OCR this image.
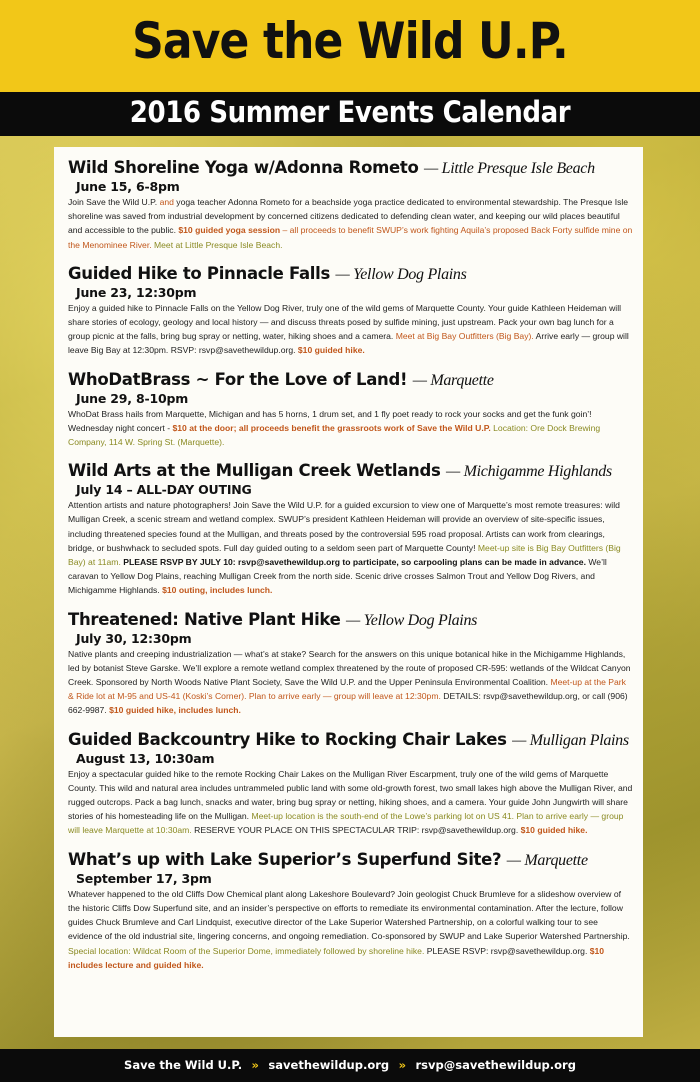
Save the Wild U.P.
2016 Summer Events Calendar
Wild Shoreline Yoga w/Adonna Rometo — Little Presque Isle Beach
June 15, 6-8pm
Join Save the Wild U.P. and yoga teacher Adonna Rometo for a beachside yoga practice dedicated to environmental stewardship. The Presque Isle shoreline was saved from industrial development by concerned citizens dedicated to defending clean water, and keeping our wild places beautiful and accessible to the public. $10 guided yoga session – all proceeds to benefit SWUP’s work fighting Aquila’s proposed Back Forty sulfide mine on the Menominee River. Meet at Little Presque Isle Beach.
Guided Hike to Pinnacle Falls — Yellow Dog Plains
June 23, 12:30pm
Enjoy a guided hike to Pinnacle Falls on the Yellow Dog River, truly one of the wild gems of Marquette County. Your guide Kathleen Heideman will share stories of ecology, geology and local history — and discuss threats posed by sulfide mining, just upstream. Pack your own bag lunch for a group picnic at the falls, bring bug spray or netting, water, hiking shoes and a camera. Meet at Big Bay Outfitters (Big Bay). Arrive early — group will leave Big Bay at 12:30pm. RSVP: rsvp@savethewildup.org. $10 guided hike.
WhoDatBrass ~ For the Love of Land! — Marquette
June 29, 8-10pm
WhoDat Brass hails from Marquette, Michigan and has 5 horns, 1 drum set, and 1 fly poet ready to rock your socks and get the funk goin’! Wednesday night concert - $10 at the door; all proceeds benefit the grassroots work of Save the Wild U.P. Location: Ore Dock Brewing Company, 114 W. Spring St. (Marquette).
Wild Arts at the Mulligan Creek Wetlands — Michigamme Highlands
July 14 – ALL-DAY OUTING
Attention artists and nature photographers! Join Save the Wild U.P. for a guided excursion to view one of Marquette’s most remote treasures: wild Mulligan Creek, a scenic stream and wetland complex. SWUP’s president Kathleen Heideman will provide an overview of site-specific issues, including threatened species found at the Mulligan, and threats posed by the controversial 595 road proposal. Artists can work from clearings, bridge, or bushwhack to secluded spots. Full day guided outing to a seldom seen part of Marquette County! Meet-up site is Big Bay Outfitters (Big Bay) at 11am. PLEASE RSVP BY JULY 10: rsvp@savethewildup.org to participate, so carpooling plans can be made in advance. We’ll caravan to Yellow Dog Plains, reaching Mulligan Creek from the north side. Scenic drive crosses Salmon Trout and Yellow Dog Rivers, and Michigamme Highlands. $10 outing, includes lunch.
Threatened: Native Plant Hike — Yellow Dog Plains
July 30, 12:30pm
Native plants and creeping industrialization — what’s at stake? Search for the answers on this unique botanical hike in the Michigamme Highlands, led by botanist Steve Garske. We’ll explore a remote wetland complex threatened by the route of proposed CR-595: wetlands of the Wildcat Canyon Creek. Sponsored by North Woods Native Plant Society, Save the Wild U.P. and the Upper Peninsula Environmental Coalition. Meet-up at the Park & Ride lot at M-95 and US-41 (Koski’s Corner). Plan to arrive early — group will leave at 12:30pm. DETAILS: rsvp@savethewildup.org, or call (906) 662-9987. $10 guided hike, includes lunch.
Guided Backcountry Hike to Rocking Chair Lakes — Mulligan Plains
August 13, 10:30am
Enjoy a spectacular guided hike to the remote Rocking Chair Lakes on the Mulligan River Escarpment, truly one of the wild gems of Marquette County. This wild and natural area includes untrammeled public land with some old-growth forest, two small lakes high above the Mulligan River, and rugged outcrops. Pack a bag lunch, snacks and water, bring bug spray or netting, hiking shoes, and a camera. Your guide John Jungwirth will share stories of his homesteading life on the Mulligan. Meet-up location is the south-end of the Lowe’s parking lot on US 41. Plan to arrive early — group will leave Marquette at 10:30am. RESERVE YOUR PLACE ON THIS SPECTACULAR TRIP: rsvp@savethewildup.org. $10 guided hike.
What’s up with Lake Superior’s Superfund Site? — Marquette
September 17, 3pm
Whatever happened to the old Cliffs Dow Chemical plant along Lakeshore Boulevard? Join geologist Chuck Brumleve for a slideshow overview of the historic Cliffs Dow Superfund site, and an insider’s perspective on efforts to remediate its environmental contamination. After the lecture, follow guides Chuck Brumleve and Carl Lindquist, executive director of the Lake Superior Watershed Partnership, on a colorful walking tour to see evidence of the old industrial site, lingering concerns, and ongoing remediation. Co-sponsored by SWUP and Lake Superior Watershed Partnership. Special location: Wildcat Room of the Superior Dome, immediately followed by shoreline hike. PLEASE RSVP: rsvp@savethewildup.org. $10 includes lecture and guided hike.
Save the Wild U.P. » savethewildup.org » rsvp@savethewildup.org
